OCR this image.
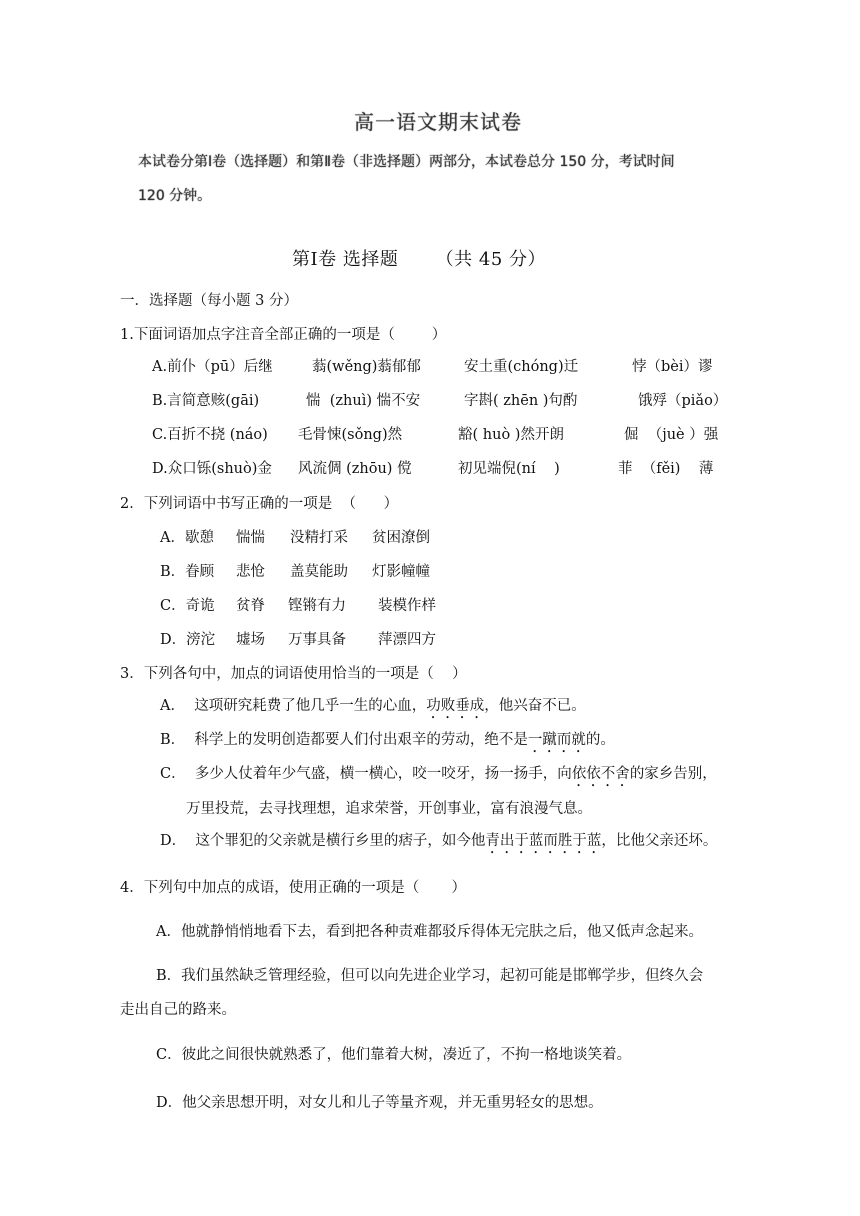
高一语文期末试卷
本试卷分第Ⅰ卷（选择题）和第Ⅱ卷（非选择题）两部分，本试卷总分 150 分，考试时间
120 分钟。
第Ⅰ卷 选择题      （共 45 分）
一．选择题（每小题 3 分）
1.下面词语加点字注音全部正确的一项是（        ）
A.前仆（pū）后继	蓊(wěng)蓊郁郁	安土重(chóng)迁	悖（bèi）谬
B.言简意赅(gāi)	惴  (zhuì) 惴不安	字斟( zhēn )句酌	饿殍（piǎo）
C.百折不挠 (náo) 毛骨悚(sǒng)然	豁( huò )然开朗	倔  （juè ）强
D.众口铄(shuò)金 风流倜 (zhōu) 傥	初见端倪(ní    )	菲  （fěi)    薄
2．下列词语中书写正确的一项是  （      ）
A．歇憩 惴惴 没精打采 贫困潦倒
B．眷顾 悲怆 盖莫能助 灯影幢幢
C．奇诡 贫脊 铿锵有力 装模作样
D．滂沱 墟场 万事具备 萍漂四方
3．下列各句中，加点的词语使用恰当的一项是（    ）
A．  这项研究耗费了他几乎一生的心血，功败垂成，他兴奋不已。
B．  科学上的发明创造都要人们付出艰辛的劳动，绝不是一蹴而就的。
C．  多少人仗着年少气盛，横一横心，咬一咬牙，扬一扬手，向依依不舍的家乡告别，
万里投荒，去寻找理想，追求荣誉，开创事业，富有浪漫气息。
D．  这个罪犯的父亲就是横行乡里的痞子，如今他青出于蓝而胜于蓝，比他父亲还坏。
4．下列句中加点的成语，使用正确的一项是（       ）
A．他就静悄悄地看下去，看到把各种责难都驳斥得体无完肤之后，他又低声念起来。
B．我们虽然缺乏管理经验，但可以向先进企业学习，起初可能是邯郸学步，但终久会
走出自己的路来。
C．彼此之间很快就熟悉了，他们靠着大树，凑近了，不拘一格地谈笑着。
D．他父亲思想开明，对女儿和儿子等量齐观，并无重男轻女的思想。
